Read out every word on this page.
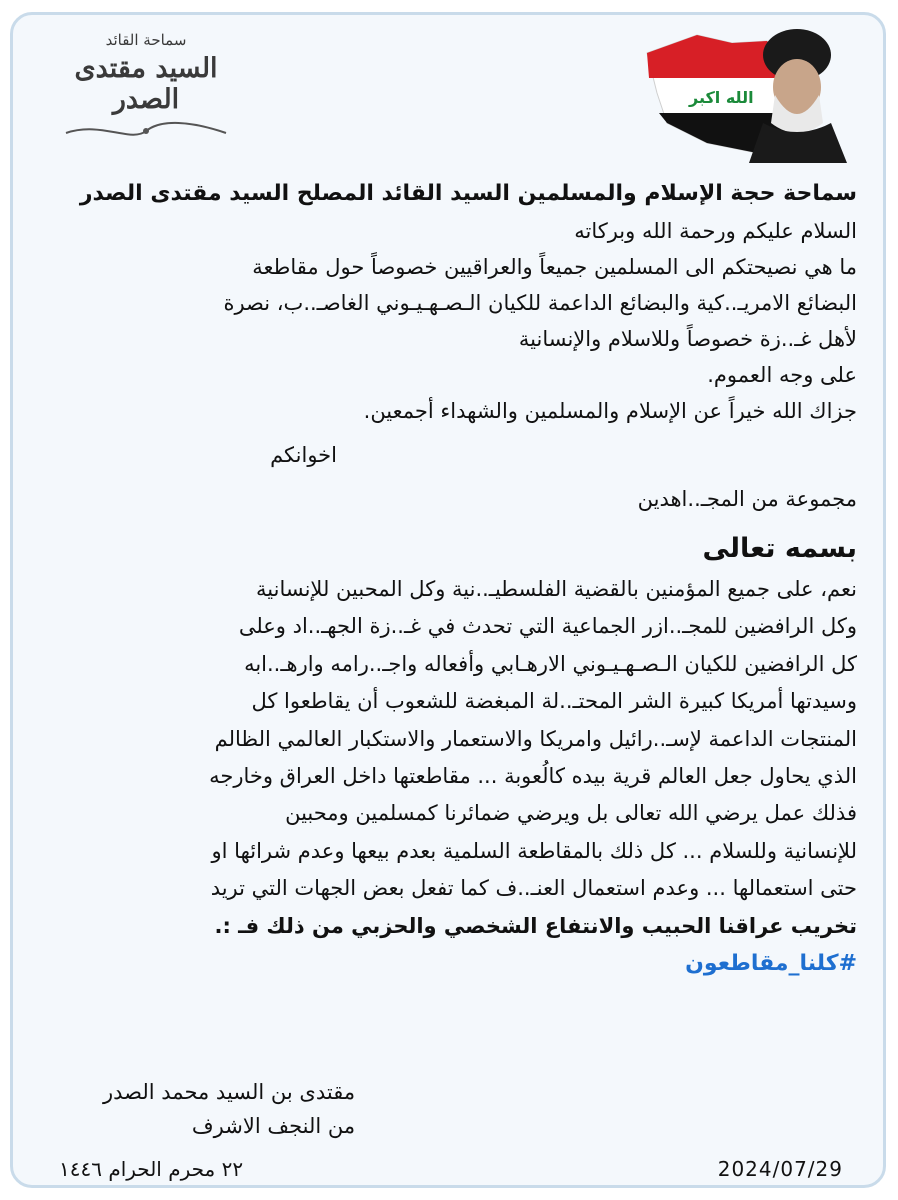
سماحة القائد
السيد مقتدى الصدر	الله اكبر
سماحة حجة الإسلام والمسلمين السيد القائد المصلح السيد مقتدى الصدر
السلام عليكم ورحمة الله وبركاته
ما هي نصيحتكم الى المسلمين جميعاً والعراقيين خصوصاً حول مقاطعة
البضائع الامريـ..كية والبضائع الداعمة للكيان الـصـهـيـوني الغاصـ..ب، نصرة
لأهل غـ..زة خصوصاً وللاسلام والإنسانية
على وجه العموم.
جزاك الله خيراً عن الإسلام والمسلمين والشهداء أجمعين.
اخوانكم
مجموعة من المجـ..اهدين
بسمه تعالى
نعم، على جميع المؤمنين بالقضية الفلسطيـ..نية وكل المحبين للإنسانية
وكل الرافضين للمجـ..ازر الجماعية التي تحدث في غـ..زة الجهـ..اد وعلى
كل الرافضين للكيان الـصـهـيـوني الارهـابي وأفعاله واجـ..رامه وارهـ..ابه
وسيدتها أمريكا كبيرة الشر المحتـ..لة المبغضة للشعوب أن يقاطعوا كل
المنتجات الداعمة لإسـ..رائيل وامريكا والاستعمار والاستكبار العالمي الظالم
الذي يحاول جعل العالم قرية بيده كالُعوبة ... مقاطعتها داخل العراق وخارجه
فذلك عمل يرضي الله تعالى بل ويرضي ضمائرنا كمسلمين ومحبين
للإنسانية وللسلام ... كل ذلك بالمقاطعة السلمية بعدم بيعها وعدم شرائها او
حتى استعمالها ... وعدم استعمال العنـ..ف كما تفعل بعض الجهات التي تريد
تخريب عراقنا الحبيب والانتفاع الشخصي والحزبي من ذلك فـ :.
#كلنا_مقاطعون
مقتدى بن السيد محمد الصدر
من النجف الاشرف
٢٢ محرم الحرام ١٤٤٦	2024/07/29
